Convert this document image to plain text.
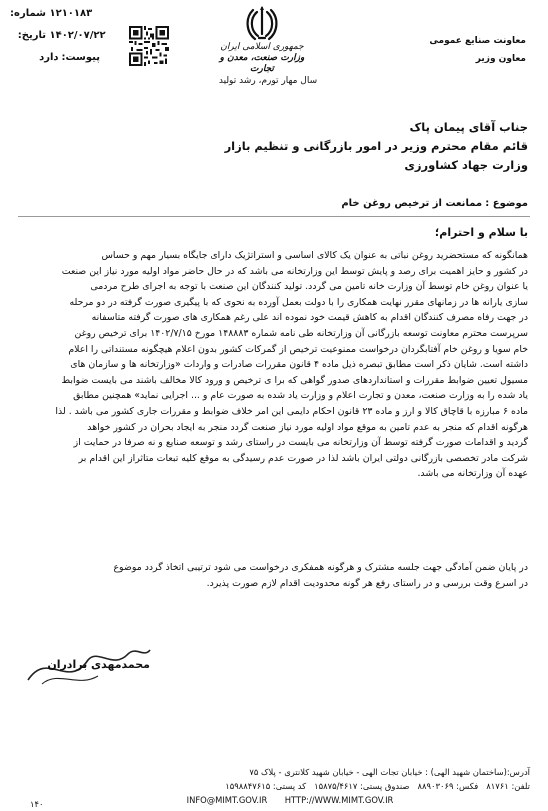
شماره: ۱۲۱۰۱۸۳
تاریخ: ۱۴۰۲/۰۷/۲۲
پیوست: دارد
جمهوری اسلامی ایران
وزارت صنعت، معدن و تجارت
سال مهار تورم، رشد تولید
معاونت صنایع عمومی
معاون وزیر
جناب آقای پیمان پاک
قائم مقام محترم وزیر در امور بازرگانی و تنظیم بازار
وزارت جهاد کشاورزی
موضوع : ممانعت از ترخیص روغن خام
با سلام و احترام؛
همانگونه که مستحضرید روغن نباتی به عنوان یک کالای اساسی و استراتژیک دارای جایگاه بسیار مهم و حساس
در کشور و حایز اهمیت برای رصد و پایش توسط این وزارتخانه می باشد که در حال حاضر مواد اولیه مورد نیاز این صنعت
یا عنوان روغن خام توسط آن وزارت خانه تامین می گردد. تولید کنندگان این صنعت با توجه به اجرای طرح مردمی
سازی یارانه ها در زمانهای مقرر نهایت همکاری را با دولت بعمل آورده به نحوی که با پیگیری صورت گرفته در دو مرحله
در جهت رفاه مصرف کنندگان اقدام به کاهش قیمت خود نموده اند علی رغم همکاری های صورت گرفته متاسفانه
سرپرست محترم معاونت توسعه بازرگانی آن وزارتخانه طی نامه شماره ۱۴۸۸۸۳ مورخ ۱۴۰۲/۷/۱۵ برای ترخیص روغن
خام سویا و روغن خام آفتابگردان درخواست ممنوعیت ترخیص از گمرکات کشور بدون اعلام هیچگونه مستنداتی را اعلام
داشته است. شایان ذکر است مطابق تبصره ذیل ماده ۴ قانون مقررات صادرات و واردات «وزارتخانه ها و سازمان های
مسیول تعیین ضوابط مقررات و استانداردهای صدور گواهی که برا ی ترخیص و ورود کالا مخالف باشند می بایست ضوابط
یاد شده را به وزارت صنعت، معدن و تجارت اعلام و وزارت یاد شده به صورت عام و ... اجرایی نماید» همچنین مطابق
ماده ۶ مبارزه با قاچاق کالا و ارز و ماده ۲۳ قانون احکام دایمی این امر خلاف ضوابط و مقررات جاری کشور می باشد . لذا
هرگونه اقدام که منجر به عدم تامین به موقع مواد اولیه مورد نیاز صنعت گردد منجر به ایجاد بحران در کشور خواهد
گردید و اقدامات صورت گرفته توسط آن وزارتخانه می بایست در راستای رشد و توسعه صنایع و نه صرفا در حمایت از
شرکت مادر تخصصی بازرگانی دولتی ایران باشد لذا در صورت عدم رسیدگی به موقع کلیه تبعات متاثراز این اقدام بر
عهده آن وزارتخانه می باشد.
در پایان ضمن آمادگی جهت جلسه مشترک و هرگونه همفکری درخواست می شود ترتیبی اتخاذ گردد موضوع
در اسرع وقت بررسی و در راستای رفع هر گونه محدودیت اقدام لازم صورت پذیرد.
محمدمهدی برادران
آدرس:(ساختمان شهید الهی) : خیابان تجات الهی - خیابان شهید کلانتری - پلاک ۷۵
تلفن: ۸۱۷۶۱   فکس: ۸۸۹۰۳۰۶۹   صندوق پستی: ۱۵۸۷۵/۴۶۱۷   کد پستی: ۱۵۹۸۸۴۷۶۱۵
INFO@MIMT.GOV.IR HTTP://WWW.MIMT.GOV.IR
۱۴۰
